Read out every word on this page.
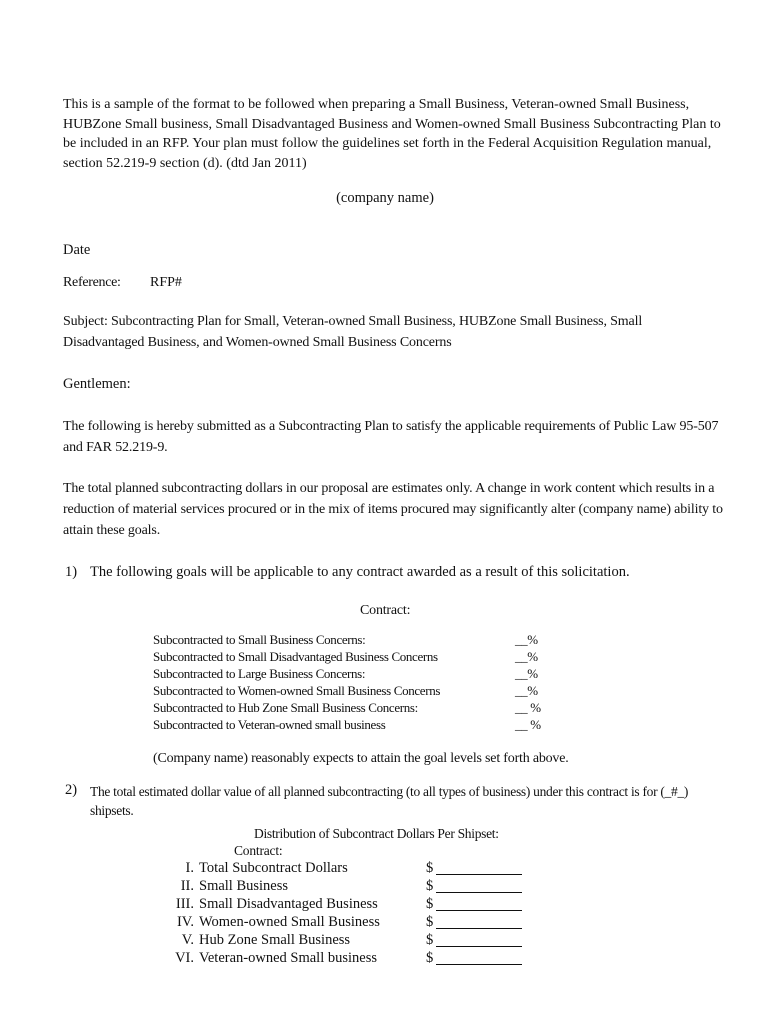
This is a sample of the format to be followed when preparing a Small Business, Veteran-owned Small Business, HUBZone Small business, Small Disadvantaged Business and Women-owned Small Business Subcontracting Plan to be included in an RFP. Your plan must follow the guidelines set forth in the Federal Acquisition Regulation manual, section 52.219-9 section (d). (dtd Jan 2011)
(company name)
Date
Reference: RFP#
Subject: Subcontracting Plan for Small, Veteran-owned Small Business, HUBZone Small Business, Small Disadvantaged Business, and Women-owned Small Business Concerns
Gentlemen:
The following is hereby submitted as a Subcontracting Plan to satisfy the applicable requirements of Public Law 95-507 and FAR 52.219-9.
The total planned subcontracting dollars in our proposal are estimates only. A change in work content which results in a reduction of material services procured or in the mix of items procured may significantly alter (company name) ability to attain these goals.
1) The following goals will be applicable to any contract awarded as a result of this solicitation.
Contract:
Subcontracted to Small Business Concerns:	__%
Subcontracted to Small Disadvantaged Business Concerns	__%
Subcontracted to Large Business Concerns:	__%
Subcontracted to Women-owned Small Business Concerns	__%
Subcontracted to Hub Zone Small Business Concerns:	__ %
Subcontracted to Veteran-owned small business	__ %
(Company name) reasonably expects to attain the goal levels set forth above.
2) The total estimated dollar value of all planned subcontracting (to all types of business) under this contract is for (_#_) shipsets.
Distribution of Subcontract Dollars Per Shipset:
Contract:
I. Total Subcontract Dollars	$
II. Small Business	$
III. Small Disadvantaged Business	$
IV. Women-owned Small Business	$
V. Hub Zone Small Business	$
VI. Veteran-owned Small business	$
